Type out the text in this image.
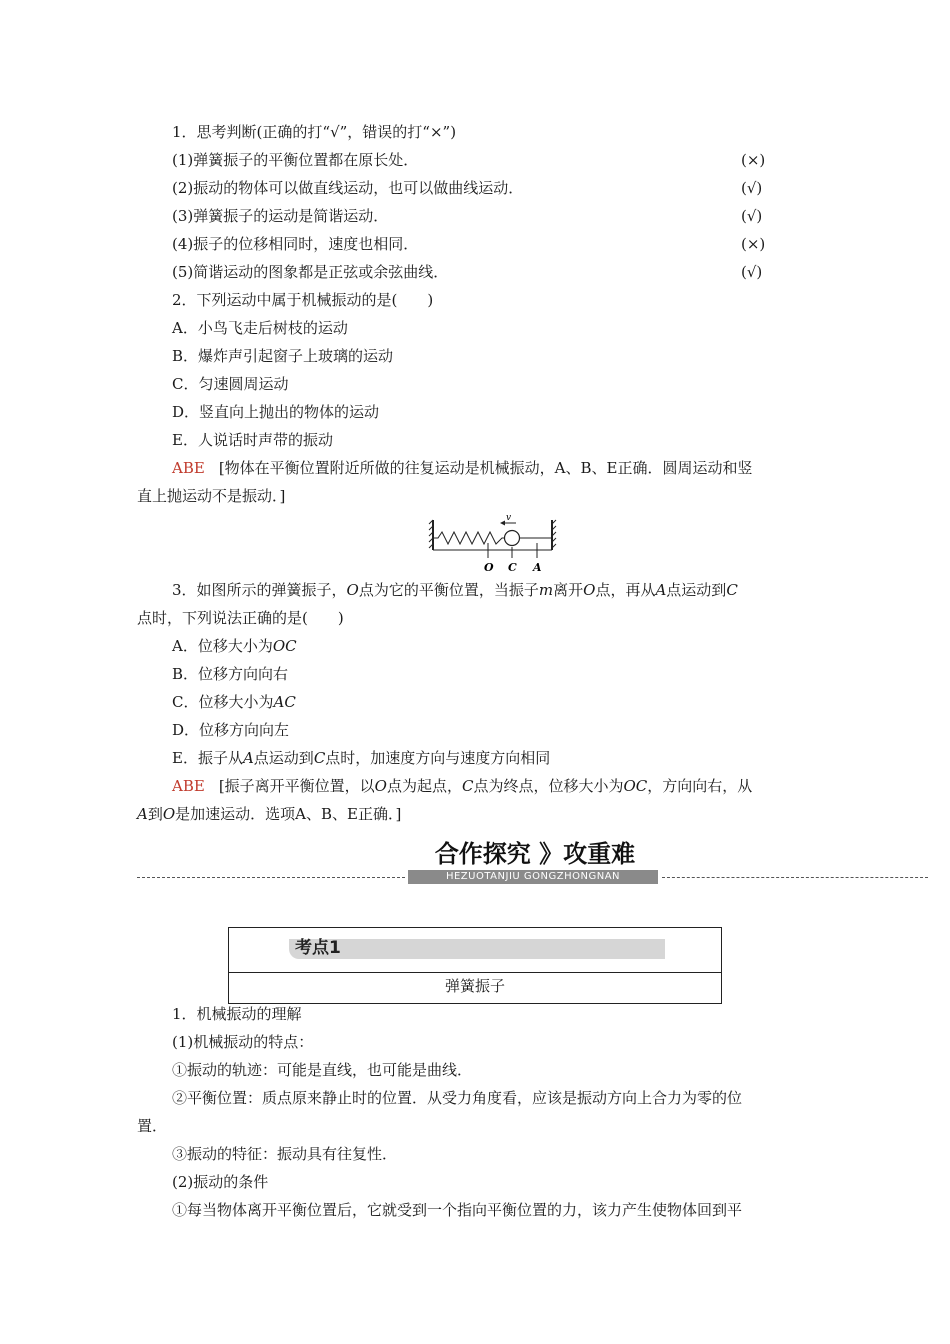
1．思考判断(正确的打“√”，错误的打“×”)
(1)弹簧振子的平衡位置都在原长处．	(×)
(2)振动的物体可以做直线运动，也可以做曲线运动．	(√)
(3)弹簧振子的运动是简谐运动．	(√)
(4)振子的位移相同时，速度也相同．	(×)
(5)简谐运动的图象都是正弦或余弦曲线．	(√)
2．下列运动中属于机械振动的是(　　)
A．小鸟飞走后树枝的运动
B．爆炸声引起窗子上玻璃的运动
C．匀速圆周运动
D．竖直向上抛出的物体的运动
E．人说话时声带的振动
ABE [物体在平衡位置附近所做的往复运动是机械振动，A、B、E正确．圆周运动和竖
直上抛运动不是振动．]
v
O C A
3．如图所示的弹簧振子，O点为它的平衡位置，当振子m离开O点，再从A点运动到C
点时，下列说法正确的是(　　)
A．位移大小为OC
B．位移方向向右
C．位移大小为AC
D．位移方向向左
E．振子从A点运动到C点时，加速度方向与速度方向相同
ABE [振子离开平衡位置，以O点为起点，C点为终点，位移大小为OC，方向向右，从
A到O是加速运动．选项A、B、E正确．]
合作探究 》攻重难
HEZUOTANJIU GONGZHONGNAN
考点1
弹簧振子
1．机械振动的理解
(1)机械振动的特点：
①振动的轨迹：可能是直线，也可能是曲线．
②平衡位置：质点原来静止时的位置．从受力角度看，应该是振动方向上合力为零的位
置．
③振动的特征：振动具有往复性．
(2)振动的条件
①每当物体离开平衡位置后，它就受到一个指向平衡位置的力，该力产生使物体回到平
